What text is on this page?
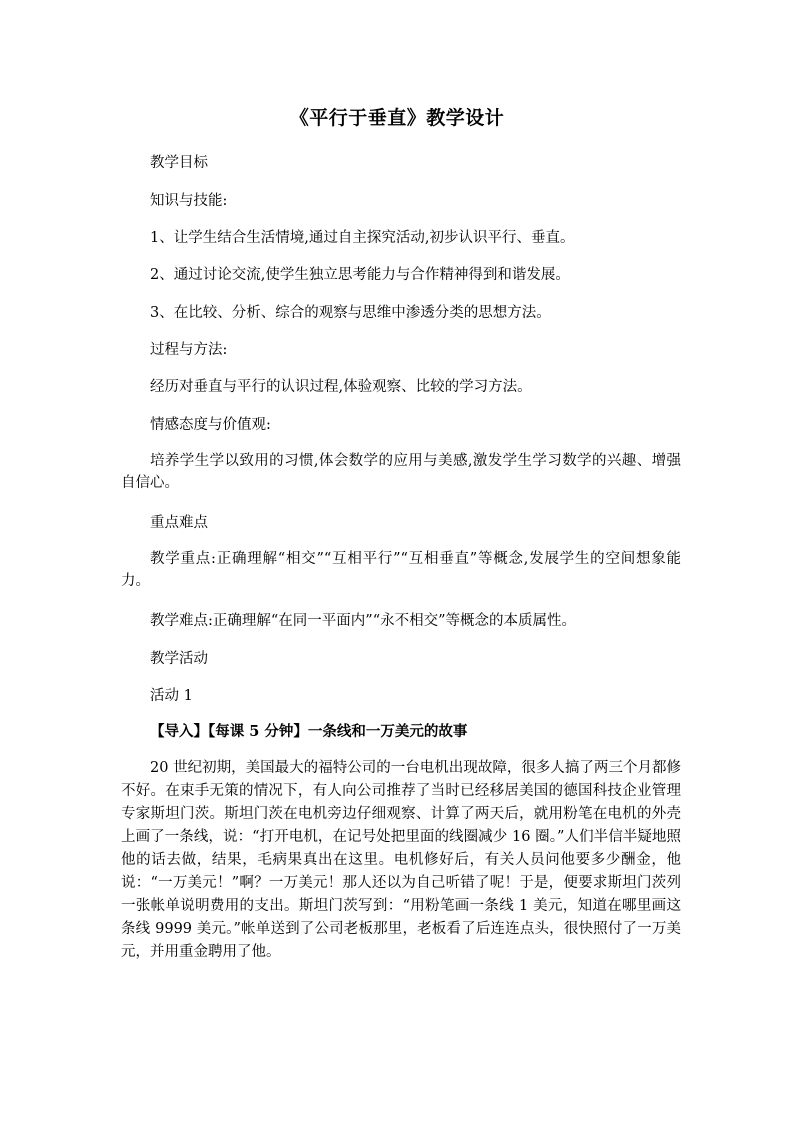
《平行于垂直》教学设计
教学目标
知识与技能:
1、让学生结合生活情境,通过自主探究活动,初步认识平行、垂直。
2、通过讨论交流,使学生独立思考能力与合作精神得到和谐发展。
3、在比较、分析、综合的观察与思维中渗透分类的思想方法。
过程与方法:
经历对垂直与平行的认识过程,体验观察、比较的学习方法。
情感态度与价值观:

培养学生学以致用的习惯,体会数学的应用与美感,激发学生学习数学的兴趣、增强自信心。

重点难点

教学重点:正确理解“相交”“互相平行”“互相垂直”等概念,发展学生的空间想象能力。

教学难点:正确理解“在同一平面内”“永不相交”等概念的本质属性。
教学活动
活动 1
【导入】【每课 5 分钟】一条线和一万美元的故事

20 世纪初期，美国最大的福特公司的一台电机出现故障，很多人搞了两三个月都修不好。在束手无策的情况下，有人向公司推荐了当时已经移居美国的德国科技企业管理专家斯坦门茨。斯坦门茨在电机旁边仔细观察、计算了两天后，就用粉笔在电机的外壳上画了一条线，说：“打开电机，在记号处把里面的线圈减少 16 圈。”人们半信半疑地照他的话去做，结果，毛病果真出在这里。电机修好后，有关人员问他要多少酬金，他说：“一万美元！”啊？一万美元！那人还以为自己听错了呢！于是，便要求斯坦门茨列一张帐单说明费用的支出。斯坦门茨写到：“用粉笔画一条线 1 美元，知道在哪里画这条线 9999 美元。”帐单送到了公司老板那里，老板看了后连连点头，很快照付了一万美元，并用重金聘用了他。
